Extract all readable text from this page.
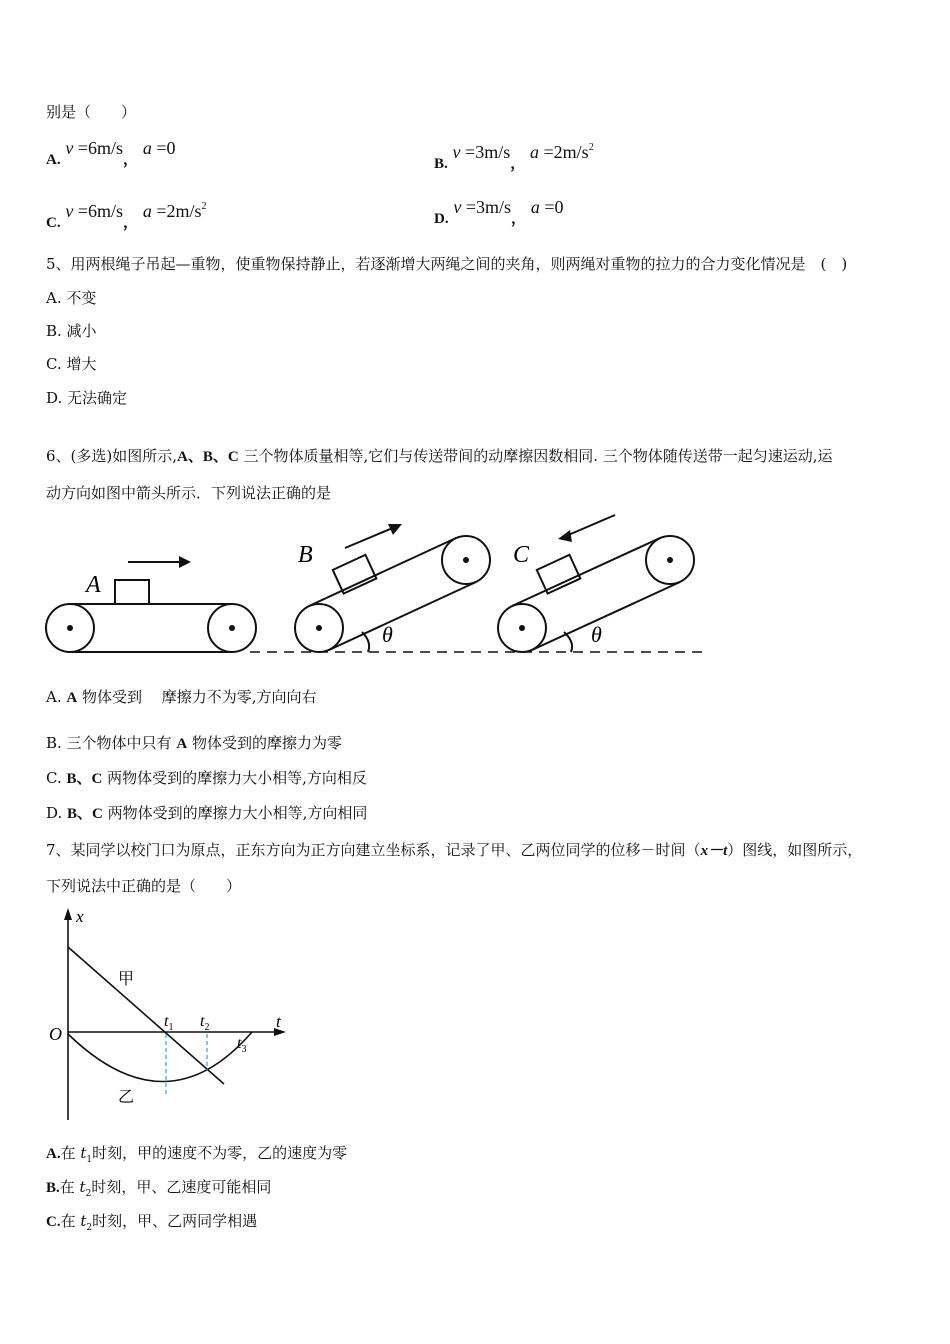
别是（　　）
A. v =6m/s， a =0
B. v =3m/s， $a =2m/s^2$
C. v =6m/s， $a =2m/s^2$
D. v =3m/s， a =0
5、用两根绳子吊起—重物，使重物保持静止，若逐渐增大两绳之间的夹角，则两绳对重物的拉力的合力变化情况是　(　)
A. 不变
B. 减小
C. 增大
D. 无法确定
6、(多选)如图所示,A、B、C 三个物体质量相等,它们与传送带间的动摩擦因数相同. 三个物体随传送带一起匀速运动,运
动方向如图中箭头所示．下列说法正确的是
A
B	C
θ	θ
A. A 物体受到　 摩擦力不为零,方向向右
B. 三个物体中只有 A 物体受到的摩擦力为零
C. B、C 两物体受到的摩擦力大小相等,方向相反
D. B、C 两物体受到的摩擦力大小相等,方向相同
7、某同学以校门口为原点，正东方向为正方向建立坐标系，记录了甲、乙两位同学的位移－时间（x－t）图线，如图所示，
下列说法中正确的是（　　）
x
t
O
甲
乙
$t_1$ $t_2$
$t_3$
A.在 $t_1$时刻，甲的速度不为零，乙的速度为零
B.在 $t_2$时刻，甲、乙速度可能相同
C.在 $t_2$时刻，甲、乙两同学相遇
